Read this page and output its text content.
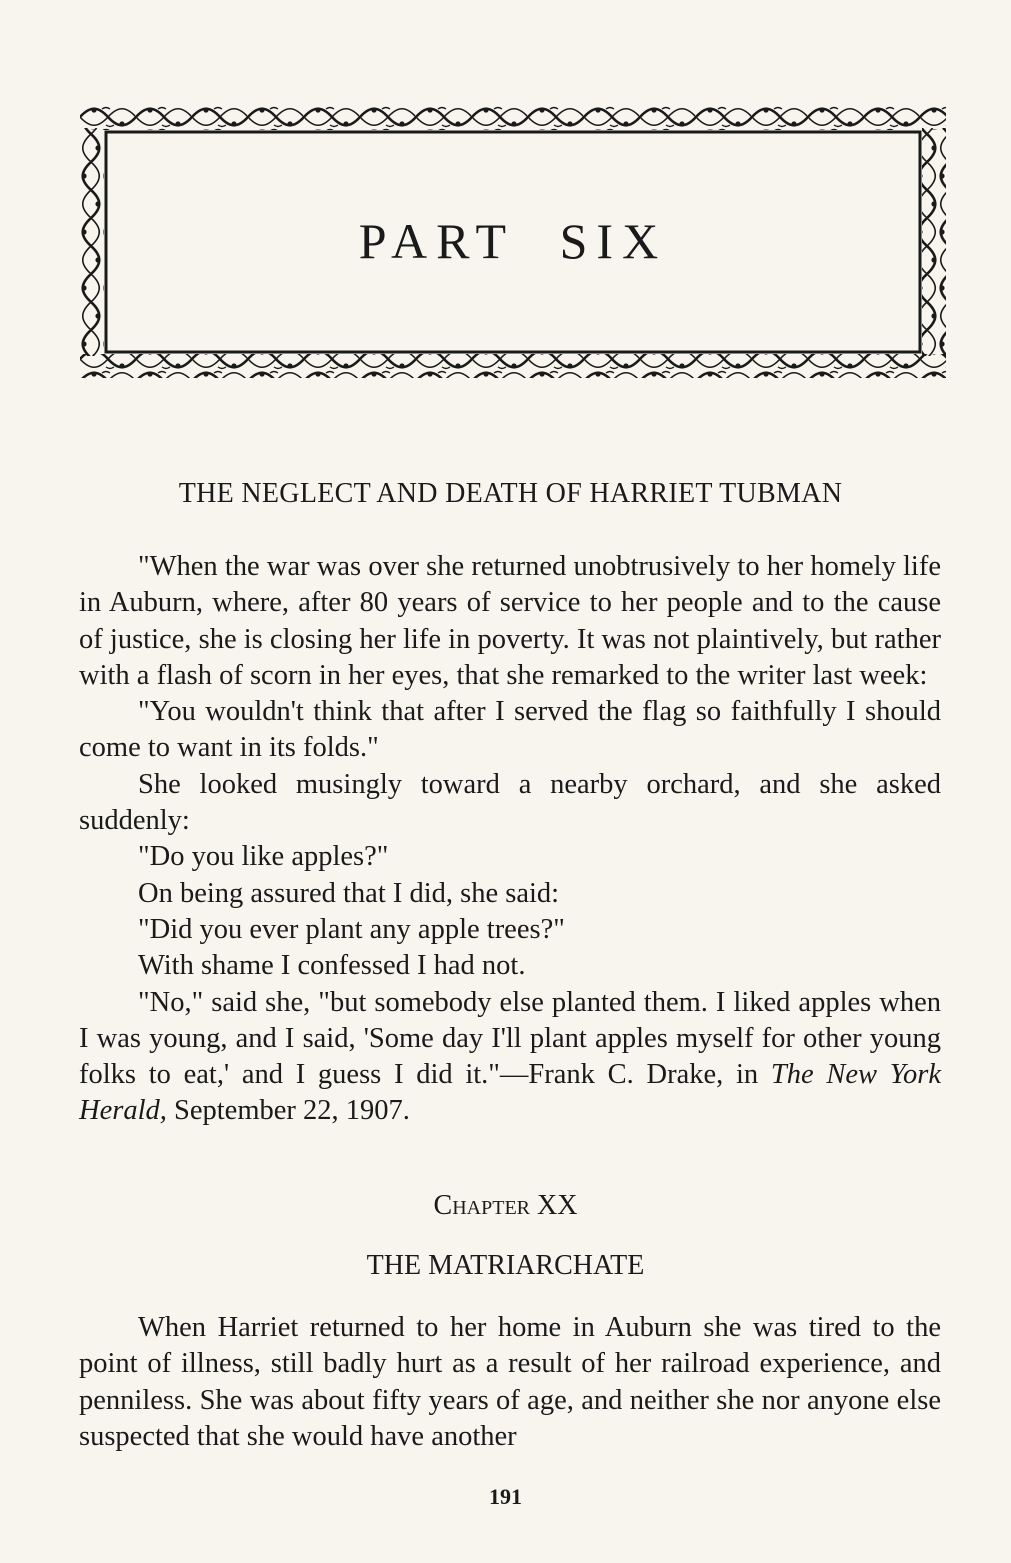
PART SIX
THE NEGLECT AND DEATH OF HARRIET TUBMAN

"When the war was over she returned unobtrusively to her homely life in Auburn, where, after 80 years of service to her people and to the cause of justice, she is closing her life in poverty. It was not plaintively, but rather with a flash of scorn in her eyes, that she remarked to the writer last week:

"You wouldn't think that after I served the flag so faithfully I should come to want in its folds."

She looked musingly toward a nearby orchard, and she asked suddenly:

"Do you like apples?"

On being assured that I did, she said:

"Did you ever plant any apple trees?"

With shame I confessed I had not.

"No," said she, "but somebody else planted them. I liked apples when I was young, and I said, 'Some day I'll plant apples myself for other young folks to eat,' and I guess I did it."—Frank C. Drake, in The New York Herald, September 22, 1907.

Chapter XX
THE MATRIARCHATE

When Harriet returned to her home in Auburn she was tired to the point of illness, still badly hurt as a result of her railroad experience, and penniless. She was about fifty years of age, and neither she nor anyone else suspected that she would have another

191
